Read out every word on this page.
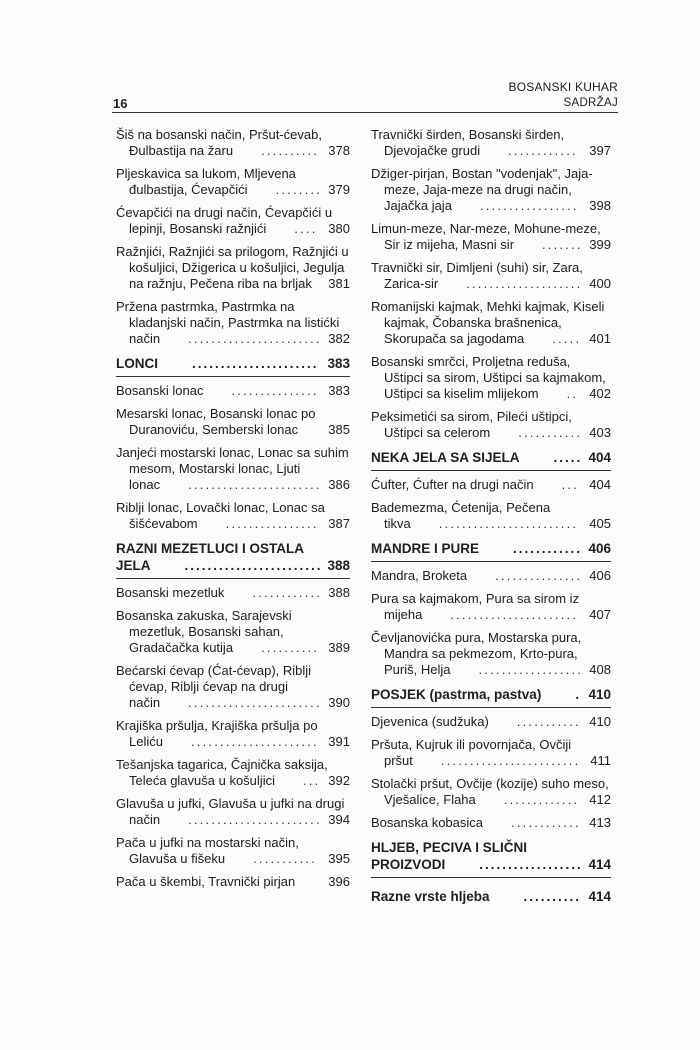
16
BOSANSKI KUHAR
SADRŽAJ
Šiš na bosanski način, Pršut-ćevab, Đulbastija na žaru .......... 378
Pljeskavica sa lukom, Mljevena đulbastija, Ćevapčići ........ 379
Ćevapčići na drugi način, Ćevapčići u lepinji, Bosanski ražnjići .... 380
Ražnjići, Ražnjići sa prilogom, Ražnjići u košuljici, Džigerica u košuljici, Jegulja na ražnju, Pečena riba na brljak 381
Pržena pastrmka, Pastrmka na kladanjski način, Pastrmka na listićki način ....................... 382
LONCI	...................... 383
Bosanski lonac ............... 383
Mesarski lonac, Bosanski lonac po Duranoviću, Semberski lonac 385
Janjeći mostarski lonac, Lonac sa suhim mesom, Mostarski lonac, Ljuti lonac ....................... 386
Riblji lonac, Lovački lonac, Lonac sa šišćevabom ................ 387
RAZNI MEZETLUCI I OSTALA JELA	........................ 388
Bosanski mezetluk ............ 388
Bosanska zakuska, Sarajevski mezetluk, Bosanski sahan, Gradačačka kutija .......... 389
Bećarski ćevap (Ćat-ćevap), Riblji ćevap, Riblji ćevap na drugi način ....................... 390
Krajiška pršulja, Krajiška pršulja po Leliću ...................... 391
Tešanjska tagarica, Čajnička saksija, Teleća glavuša u košuljici ... 392
Glavuša u jufki, Glavuša u jufki na drugi način ....................... 394
Pača u jufki na mostarski način, Glavuša u fišeku ........... 395
Pača u škembi, Travnički pirjan	396
Travnički širden, Bosanski širden, Djevojačke grudi ............ 397
Džiger-pirjan, Bostan "vodenjak", Jaja-meze, Jaja-meze na drugi način, Jajačka jaja ................. 398
Limun-meze, Nar-meze, Mohune-meze, Sir iz mijeha, Masni sir ....... 399
Travnički sir, Dimljeni (suhi) sir, Zara, Zarica-sir .................... 400
Romanijski kajmak, Mehki kajmak, Kiseli kajmak, Čobanska brašnenica, Skorupača sa jagodama ..... 401
Bosanski smrčci, Proljetna reduša, Uštipci sa sirom, Uštipci sa kajmakom, Uštipci sa kiselim mlijekom .. 402
Peksimetići sa sirom, Pileći uštipci, Uštipci sa celerom ........... 403
NEKA JELA SA SIJELA	..... 404
Ćufter, Ćufter na drugi način ... 404
Bademezma, Ćetenija, Pečena tikva ........................ 405
MANDRE I PURE	............ 406
Mandra, Broketa ............... 406
Pura sa kajmakom, Pura sa sirom iz mijeha ...................... 407
Čevljanovićka pura, Mostarska pura, Mandra sa pekmezom, Krto-pura, Puriš, Helja .................. 408
POSJEK (pastrma, pastva)	. 410
Djevenica (sudžuka) ........... 410
Pršuta, Kujruk ili povornjača, Ovčiji pršut ........................ 411
Stolački pršut, Ovčije (kozije) suho meso, Vješalice, Flaha ............. 412
Bosanska kobasica ............ 413
HLJEB, PECIVA I SLIČNI PROIZVODI	.................. 414
Razne vrste hljeba	.......... 414
